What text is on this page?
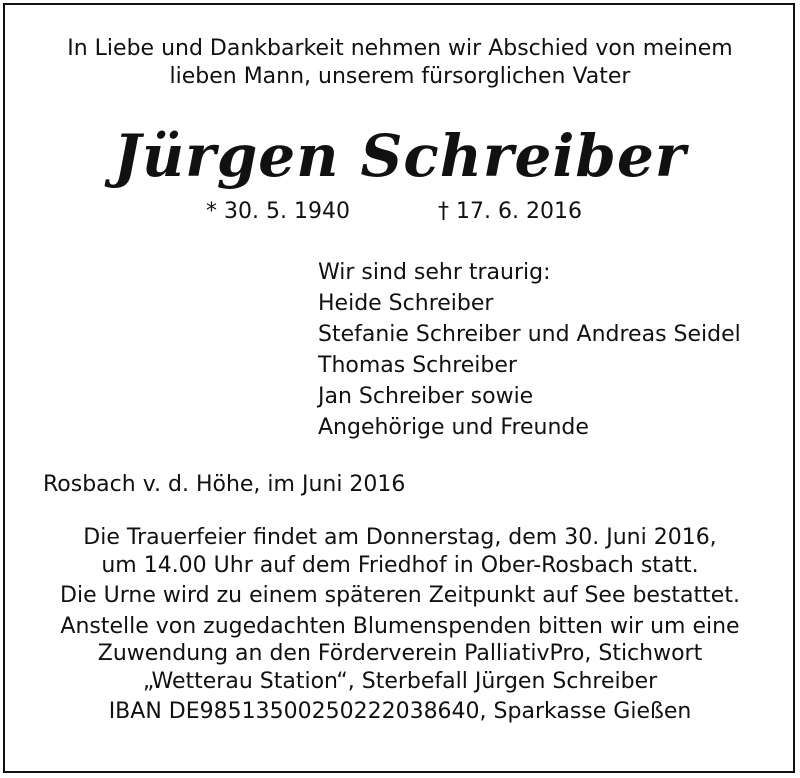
In Liebe und Dankbarkeit nehmen wir Abschied von meinem
lieben Mann, unserem fürsorglichen Vater
Jürgen Schreiber
* 30. 5. 1940	† 17. 6. 2016
Wir sind sehr traurig:
Heide Schreiber
Stefanie Schreiber und Andreas Seidel
Thomas Schreiber
Jan Schreiber sowie
Angehörige und Freunde
Rosbach v. d. Höhe, im Juni 2016
Die Trauerfeier findet am Donnerstag, dem 30. Juni 2016,
um 14.00 Uhr auf dem Friedhof in Ober-Rosbach statt.
Die Urne wird zu einem späteren Zeitpunkt auf See bestattet.
Anstelle von zugedachten Blumenspenden bitten wir um eine
Zuwendung an den Förderverein PalliativPro, Stichwort
„Wetterau Station“, Sterbefall Jürgen Schreiber
IBAN DE98513500250222038640, Sparkasse Gießen
